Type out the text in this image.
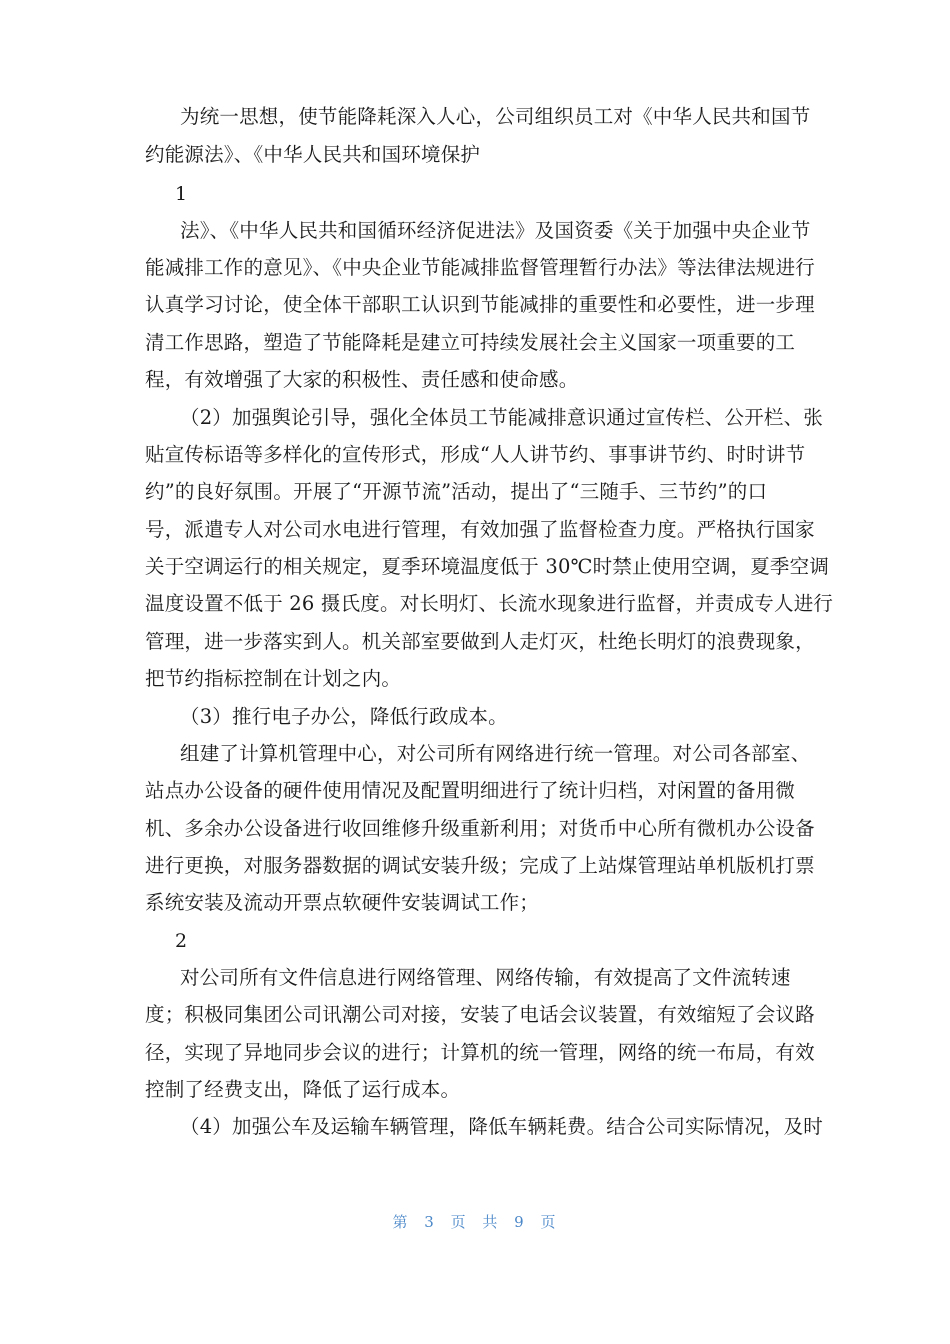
为统一思想，使节能降耗深入人心，公司组织员工对《中华人民共和国节
约能源法》、《中华人民共和国环境保护
1
法》、《中华人民共和国循环经济促进法》及国资委《关于加强中央企业节
能减排工作的意见》、《中央企业节能减排监督管理暂行办法》等法律法规进行
认真学习讨论，使全体干部职工认识到节能减排的重要性和必要性，进一步理
清工作思路，塑造了节能降耗是建立可持续发展社会主义国家一项重要的工
程，有效增强了大家的积极性、责任感和使命感。
（2）加强舆论引导，强化全体员工节能减排意识通过宣传栏、公开栏、张
贴宣传标语等多样化的宣传形式，形成“人人讲节约、事事讲节约、时时讲节
约”的良好氛围。开展了“开源节流”活动，提出了“三随手、三节约”的口
号，派遣专人对公司水电进行管理，有效加强了监督检查力度。严格执行国家
关于空调运行的相关规定，夏季环境温度低于 30℃时禁止使用空调，夏季空调
温度设置不低于 26 摄氏度。对长明灯、长流水现象进行监督，并责成专人进行
管理，进一步落实到人。机关部室要做到人走灯灭，杜绝长明灯的浪费现象，
把节约指标控制在计划之内。
（3）推行电子办公，降低行政成本。
组建了计算机管理中心，对公司所有网络进行统一管理。对公司各部室、
站点办公设备的硬件使用情况及配置明细进行了统计归档，对闲置的备用微
机、多余办公设备进行收回维修升级重新利用；对货币中心所有微机办公设备
进行更换，对服务器数据的调试安装升级；完成了上站煤管理站单机版机打票
系统安装及流动开票点软硬件安装调试工作；
2
对公司所有文件信息进行网络管理、网络传输，有效提高了文件流转速
度；积极同集团公司讯潮公司对接，安装了电话会议装置，有效缩短了会议路
径，实现了异地同步会议的进行；计算机的统一管理，网络的统一布局，有效
控制了经费支出，降低了运行成本。
（4）加强公车及运输车辆管理，降低车辆耗费。结合公司实际情况，及时
第 3 页 共 9 页
